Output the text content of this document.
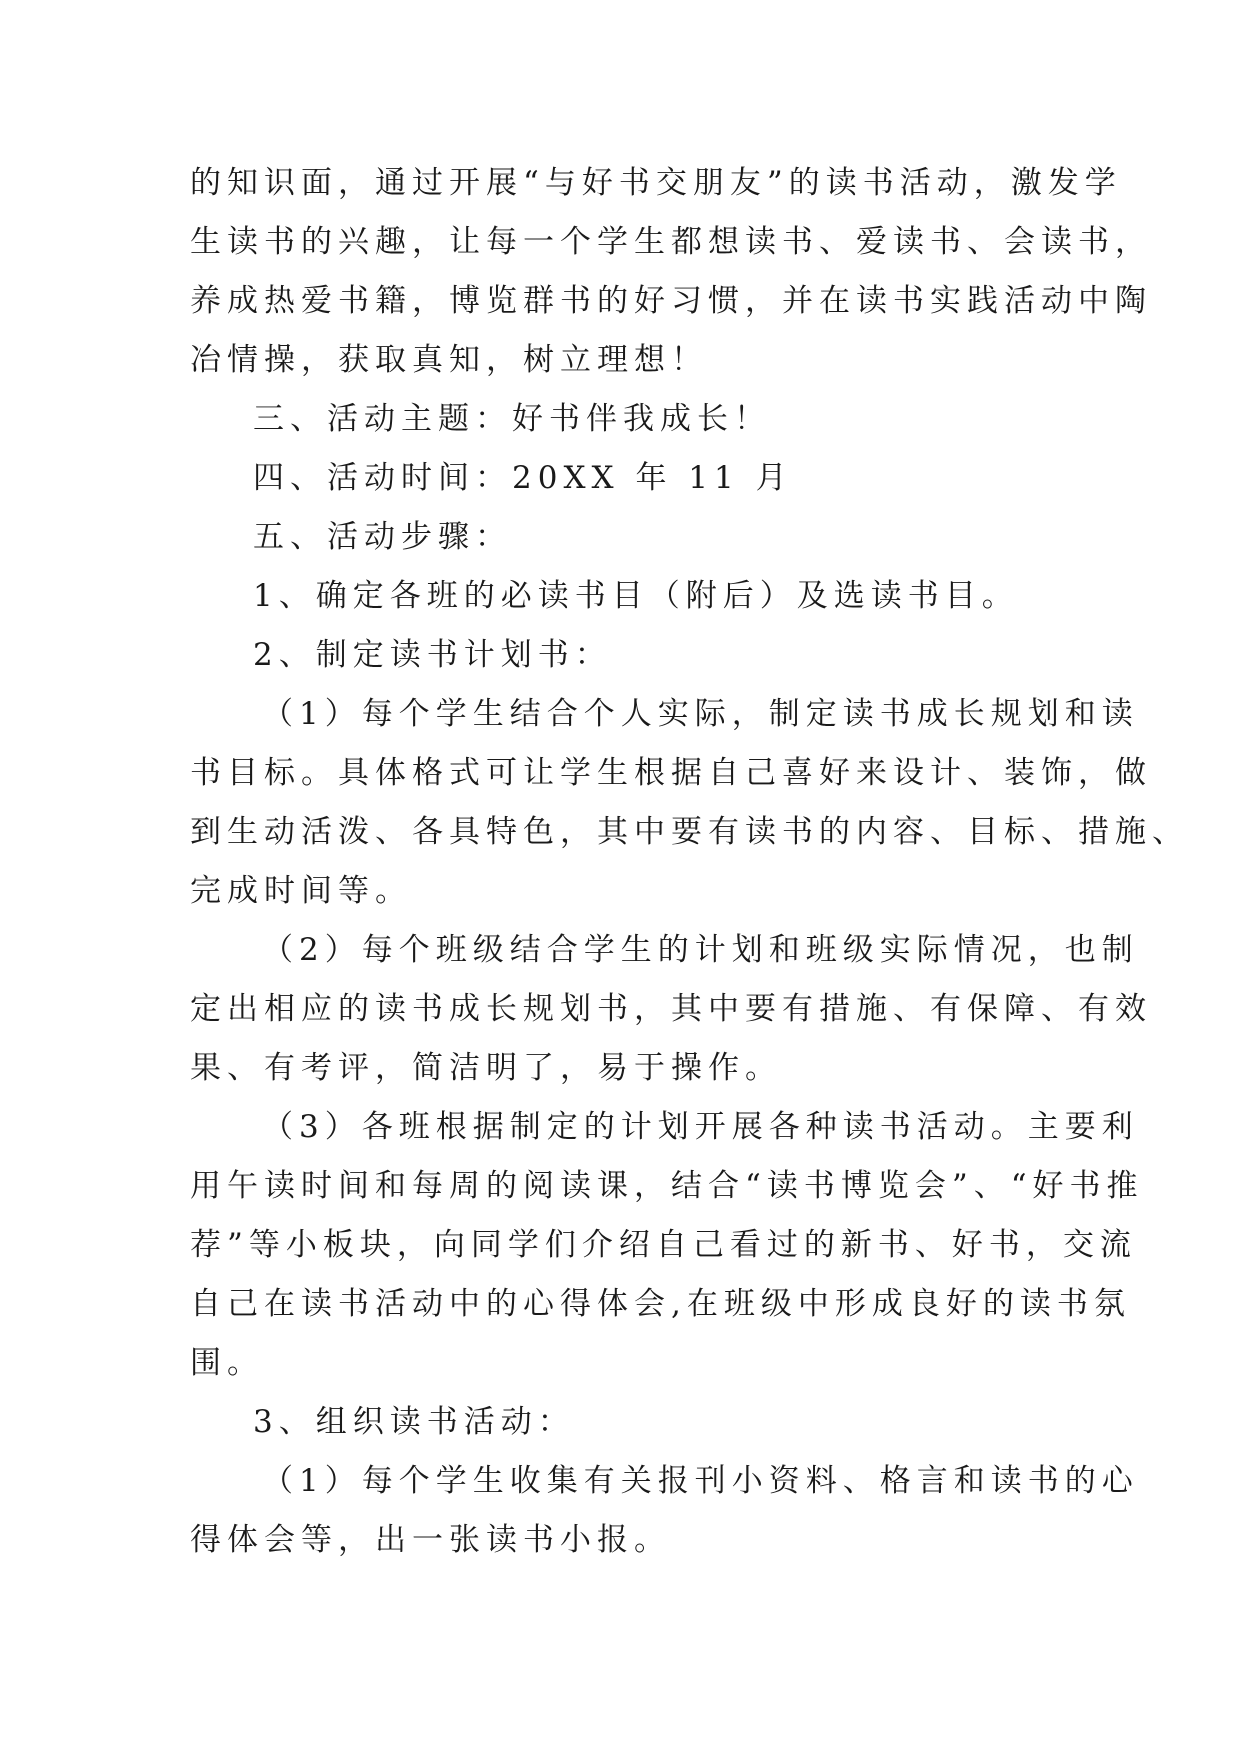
的知识面，通过开展“与好书交朋友”的读书活动，激发学
生读书的兴趣，让每一个学生都想读书、爱读书、会读书，
养成热爱书籍，博览群书的好习惯，并在读书实践活动中陶
冶情操，获取真知，树立理想！
三、活动主题：好书伴我成长！
四、活动时间：20XX 年 11 月
五、活动步骤：
1、确定各班的必读书目（附后）及选读书目。
2、制定读书计划书：
（1）每个学生结合个人实际，制定读书成长规划和读
书目标。具体格式可让学生根据自己喜好来设计、装饰，做
到生动活泼、各具特色，其中要有读书的内容、目标、措施、
完成时间等。
（2）每个班级结合学生的计划和班级实际情况，也制
定出相应的读书成长规划书，其中要有措施、有保障、有效
果、有考评，简洁明了，易于操作。
（3）各班根据制定的计划开展各种读书活动。主要利
用午读时间和每周的阅读课，结合“读书博览会”、“好书推
荐”等小板块，向同学们介绍自己看过的新书、好书，交流
自己在读书活动中的心得体会,在班级中形成良好的读书氛
围。
3、组织读书活动：
（1）每个学生收集有关报刊小资料、格言和读书的心
得体会等，出一张读书小报。
